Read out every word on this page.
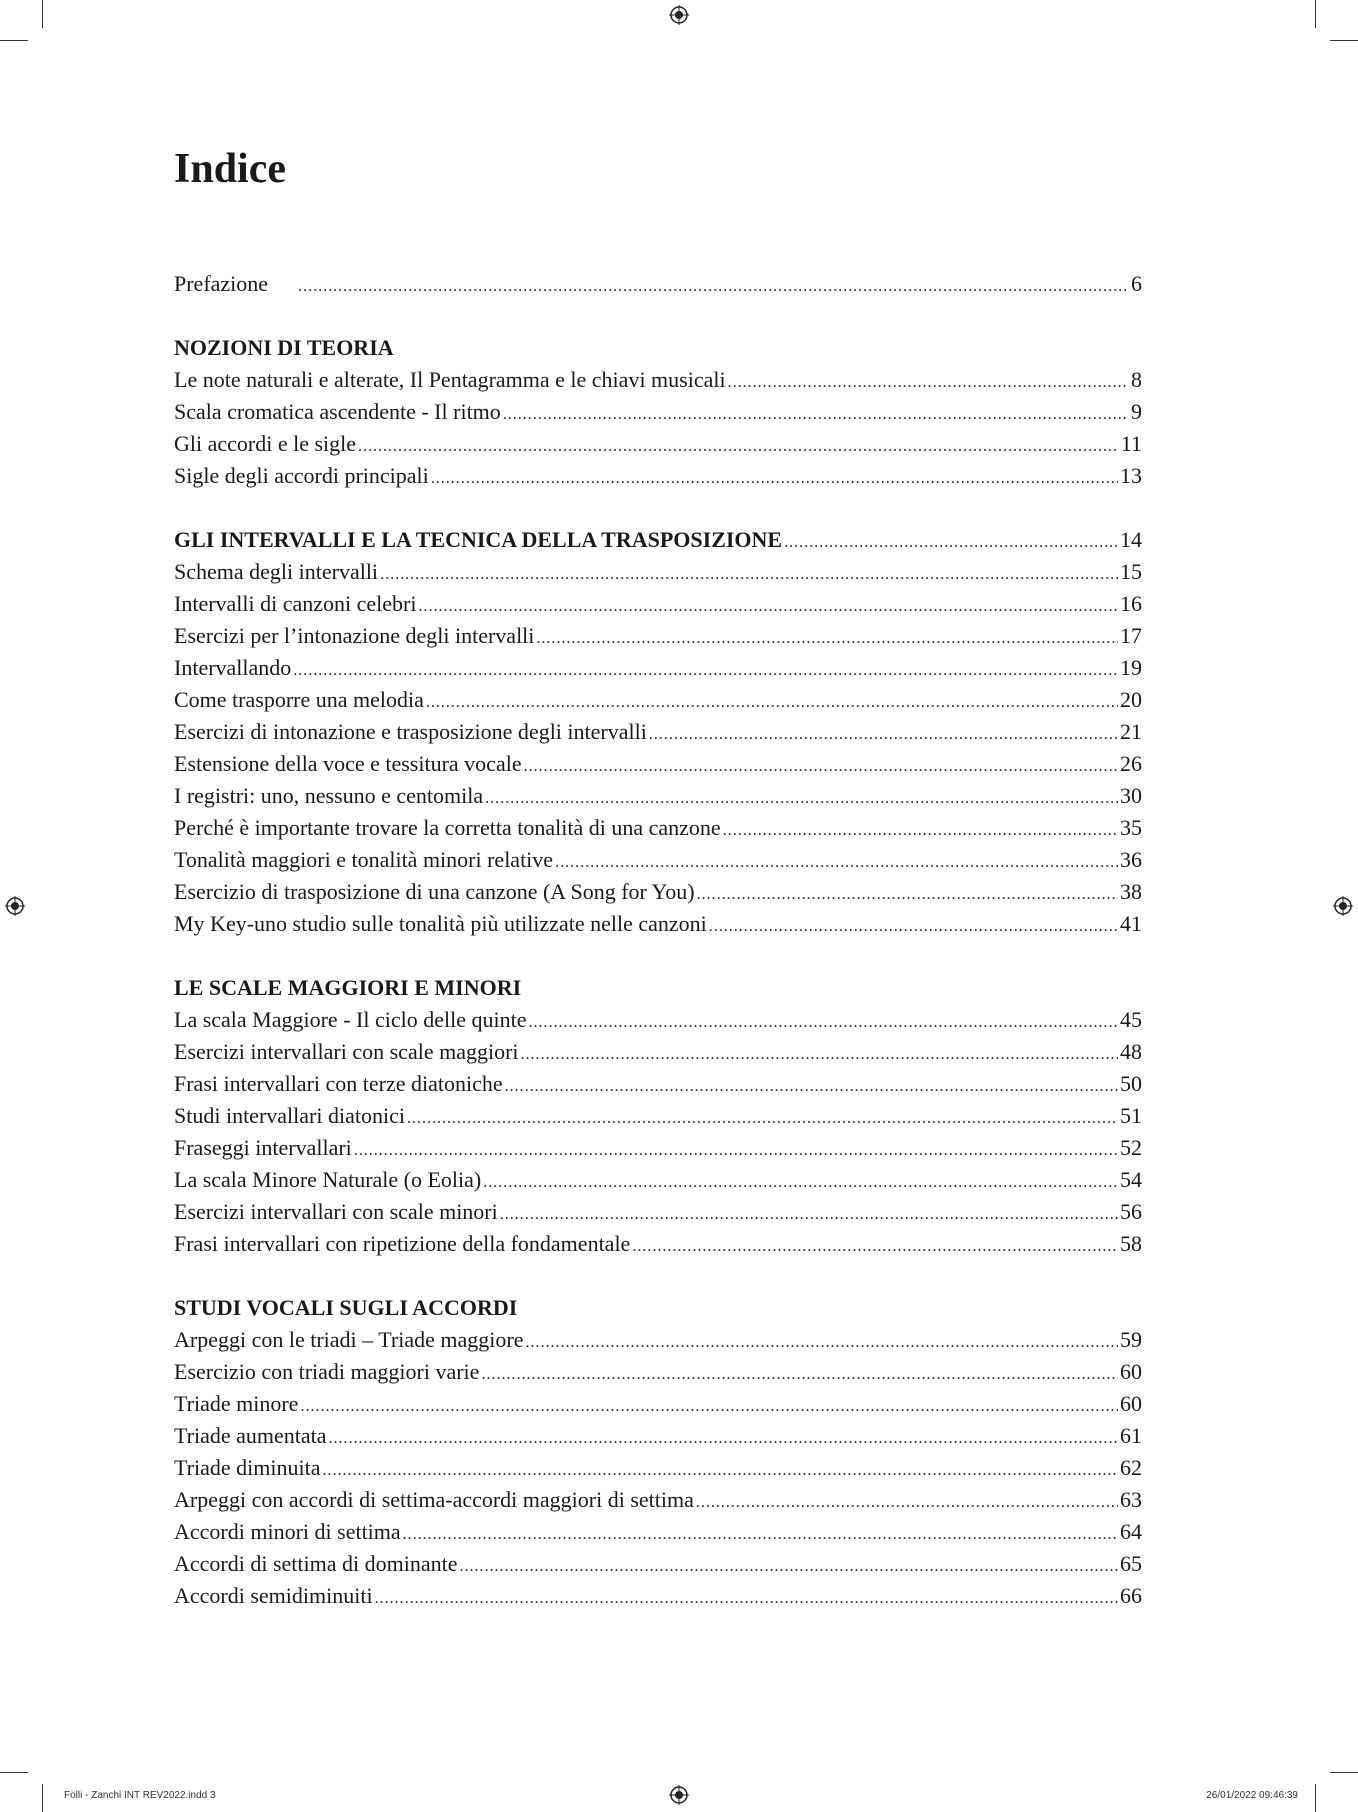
Indice
Prefazione .....	6
NOZIONI DI TEORIA
Le note naturali e alterate, Il Pentagramma e le chiavi musicali .....	8
Scala cromatica ascendente - Il ritmo .....	9
Gli accordi e le sigle .....	11
Sigle degli accordi principali .....	13
GLI INTERVALLI E LA TECNICA DELLA TRASPOSIZIONE .....	14
Schema degli intervalli .....	15
Intervalli di canzoni celebri .....	16
Esercizi per l’intonazione degli intervalli .....	17
Intervallando .....	19
Come trasporre una melodia .....	20
Esercizi di intonazione e trasposizione degli intervalli .....	21
Estensione della voce e tessitura vocale .....	26
I registri: uno, nessuno e centomila .....	30
Perché è importante trovare la corretta tonalità di una canzone .....	35
Tonalità maggiori e tonalità minori relative .....	36
Esercizio di trasposizione di una canzone (A Song for You) .....	38
My Key-uno studio sulle tonalità più utilizzate nelle canzoni .....	41
LE SCALE MAGGIORI E MINORI
La scala Maggiore - Il ciclo delle quinte .....	45
Esercizi intervallari con scale maggiori .....	48
Frasi intervallari con terze diatoniche .....	50
Studi intervallari diatonici .....	51
Fraseggi intervallari .....	52
La scala Minore Naturale (o Eolia) .....	54
Esercizi intervallari con scale minori .....	56
Frasi intervallari con ripetizione della fondamentale .....	58
STUDI VOCALI SUGLI ACCORDI
Arpeggi con le triadi – Triade maggiore .....	59
Esercizio con triadi maggiori varie .....	60
Triade minore .....	60
Triade aumentata .....	61
Triade diminuita .....	62
Arpeggi con accordi di settima-accordi maggiori di settima .....	63
Accordi minori di settima .....	64
Accordi di settima di dominante .....	65
Accordi semidiminuiti .....	66
Folli - Zanchi INT REV2022.indd 3	26/01/2022 09:46:39
